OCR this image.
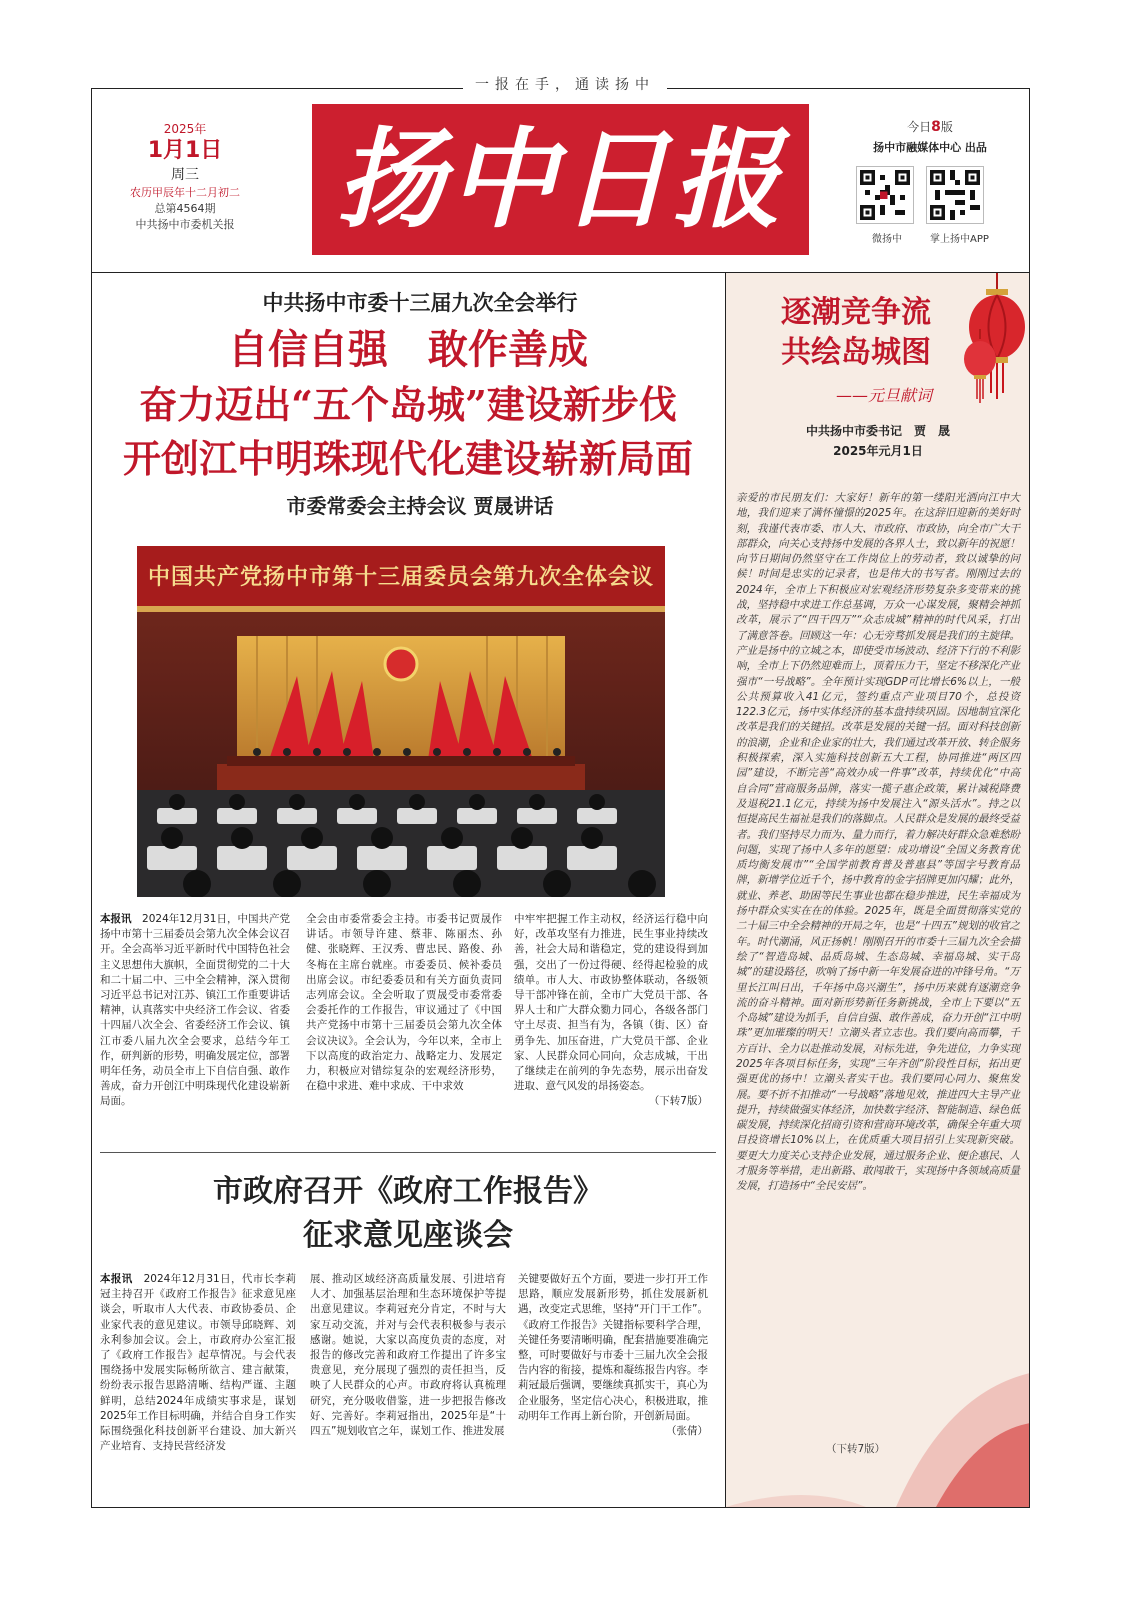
一报在手，通读扬中
2025年
1月1日
周三
农历甲辰年十二月初二
总第4564期
中共扬中市委机关报 扬中日报	今日8版
扬中市融媒体中心 出品
微扬中	掌上扬中APP
中共扬中市委十三届九次全会举行
自信自强　敢作善成
奋力迈出“五个岛城”建设新步伐
开创江中明珠现代化建设崭新局面
市委常委会主持会议 贾晟讲话
中国共产党扬中市第十三届委员会第九次全体会议
本报讯　 2024年12月31日，中国共产党扬中市第十三届委员会第九次全体会议召开。全会高举习近平新时代中国特色社会主义思想伟大旗帜，全面贯彻党的二十大和二十届二中、三中全会精神，深入贯彻习近平总书记对江苏、镇江工作重要讲话精神，认真落实中央经济工作会议、省委十四届八次全会、省委经济工作会议、镇江市委八届九次全会要求，总结今年工作，研判新的形势，明确发展定位，部署明年任务，动员全市上下自信自强、敢作善成，奋力开创江中明珠现代化建设崭新局面。
全会由市委常委会主持。市委书记贾晟作讲话。市领导许建、蔡菲、陈丽杰、孙健、张晓辉、王汉秀、曹忠民、路俊、孙冬梅在主席台就座。市委委员、候补委员出席会议。市纪委委员和有关方面负责同志列席会议。全会听取了贾晟受市委常委会委托作的工作报告，审议通过了《中国共产党扬中市第十三届委员会第九次全体会议决议》。全会认为，今年以来，全市上下以高度的政治定力、战略定力、发展定力，积极应对错综复杂的宏观经济形势，在稳中求进、难中求成、干中求效
中牢牢把握工作主动权，经济运行稳中向好，改革攻坚有力推进，民生事业持续改善，社会大局和谐稳定，党的建设得到加强，交出了一份过得硬、经得起检验的成绩单。市人大、市政协整体联动，各级领导干部冲锋在前，全市广大党员干部、各界人士和广大群众勠力同心，各级各部门守土尽责、担当有为，各镇（街、区）奋勇争先、加压奋进，广大党员干部、企业家、人民群众同心同向，众志成城，干出了继续走在前列的争先态势，展示出奋发进取、意气风发的昂扬姿态。
（下转7版）
市政府召开《政府工作报告》
征求意见座谈会
本报讯　 2024年12月31日，代市长李莉冠主持召开《政府工作报告》征求意见座谈会，听取市人大代表、市政协委员、企业家代表的意见建议。市领导邱晓辉、刘永利参加会议。会上，市政府办公室汇报了《政府工作报告》起草情况。与会代表围绕扬中发展实际畅所欲言、建言献策，纷纷表示报告思路清晰、结构严谨、主题鲜明，总结2024年成绩实事求是，谋划2025年工作目标明确，并结合自身工作实际围绕强化科技创新平台建设、加大新兴产业培育、支持民营经济发
展、推动区域经济高质量发展、引进培育人才、加强基层治理和生态环境保护等提出意见建议。李莉冠充分肯定，不时与大家互动交流，并对与会代表积极参与表示感谢。她说，大家以高度负责的态度，对报告的修改完善和政府工作提出了许多宝贵意见，充分展现了强烈的责任担当，反映了人民群众的心声。市政府将认真梳理研究，充分吸收借鉴，进一步把报告修改好、完善好。李莉冠指出，2025年是“十四五”规划收官之年，谋划工作、推进发展
关键要做好五个方面，要进一步打开工作思路，顺应发展新形势，抓住发展新机遇，改变定式思维，坚持“开门干工作”。《政府工作报告》关键指标要科学合理，关键任务要清晰明确，配套措施要准确完整，可时要做好与市委十三届九次全会报告内容的衔接，提炼和凝练报告内容。李莉冠最后强调，要继续真抓实干，真心为企业服务，坚定信心决心，积极进取，推动明年工作再上新台阶，开创新局面。
（张倩）
逐潮竞争流
共绘岛城图
——元旦献词
中共扬中市委书记　贾　晟
2025年元月1日
亲爱的市民朋友们：大家好！新年的第一缕阳光洒向江中大地，我们迎来了满怀憧憬的2025年。在这辞旧迎新的美好时刻，我谨代表市委、市人大、市政府、市政协，向全市广大干部群众，向关心支持扬中发展的各界人士，致以新年的祝愿！向节日期间仍然坚守在工作岗位上的劳动者，致以诚挚的问候！时间是忠实的记录者，也是伟大的书写者。刚刚过去的2024年，全市上下积极应对宏观经济形势复杂多变带来的挑战，坚持稳中求进工作总基调，万众一心谋发展，聚精会神抓改革，展示了“四干四万”“众志成城”精神的时代风采，打出了满意答卷。回顾这一年：心无旁骛抓发展是我们的主旋律。产业是扬中的立城之本，即使受市场波动、经济下行的不利影响，全市上下仍然迎难而上，顶着压力干，坚定不移深化产业强市“一号战略”。全年预计实现GDP可比增长6%以上，一般公共预算收入41亿元，签约重点产业项目70个，总投资122.3亿元，扬中实体经济的基本盘持续巩固。因地制宜深化改革是我们的关键招。改革是发展的关键一招。面对科技创新的浪潮，企业和企业家的壮大，我们通过改革开放、转企服务积极探索，深入实施科技创新五大工程，协同推进“两区四园”建设，不断完善“高效办成一件事”改革，持续优化“中高自合同”营商服务品牌，落实一揽子惠企政策，累计减税降费及退税21.1亿元，持续为扬中发展注入“源头活水”。持之以恒提高民生福祉是我们的落脚点。人民群众是发展的最终受益者。我们坚持尽力而为、量力而行，着力解决好群众急难愁盼问题，实现了扬中人多年的愿望：成功增设“全国义务教育优质均衡发展市”“全国学前教育普及普惠县”等国字号教育品牌，新增学位近千个，扬中教育的金字招牌更加闪耀；此外，就业、养老、助困等民生事业也都在稳步推进，民生幸福成为扬中群众实实在在的体验。2025年，既是全面贯彻落实党的二十届三中全会精神的开局之年，也是“十四五”规划的收官之年。时代潮涌，风正扬帆！刚刚召开的市委十三届九次全会描绘了“智造岛城、品质岛城、生态岛城、幸福岛城、实干岛城”的建设路径，吹响了扬中新一年发展奋进的冲锋号角。“万里长江叫日出，千年扬中岛兴潮生”，扬中历来就有逐潮竞争流的奋斗精神。面对新形势新任务新挑战，全市上下要以“五个岛城”建设为抓手，自信自强、敢作善成，奋力开创“江中明珠”更加璀璨的明天！立潮头者立志也。我们要向高而攀，千方百计、全力以赴推动发展，对标先进，争先进位，力争实现2025年各项目标任务，实现“三年齐创”阶段性目标，拓出更强更优的扬中！立潮头者实干也。我们要同心同力、聚焦发展。要不折不扣推动“一号战略”落地见效，推进四大主导产业提升，持续做强实体经济，加快数字经济、智能制造、绿色低碳发展，持续深化招商引资和营商环境改革，确保全年重大项目投资增长10%以上，在优质重大项目招引上实现新突破。要更大力度关心支持企业发展，通过服务企业、便企惠民、人才服务等举措，走出新路、敢闯敢干，实现扬中各领域高质量发展，打造扬中“全民安居”。
（下转7版）
